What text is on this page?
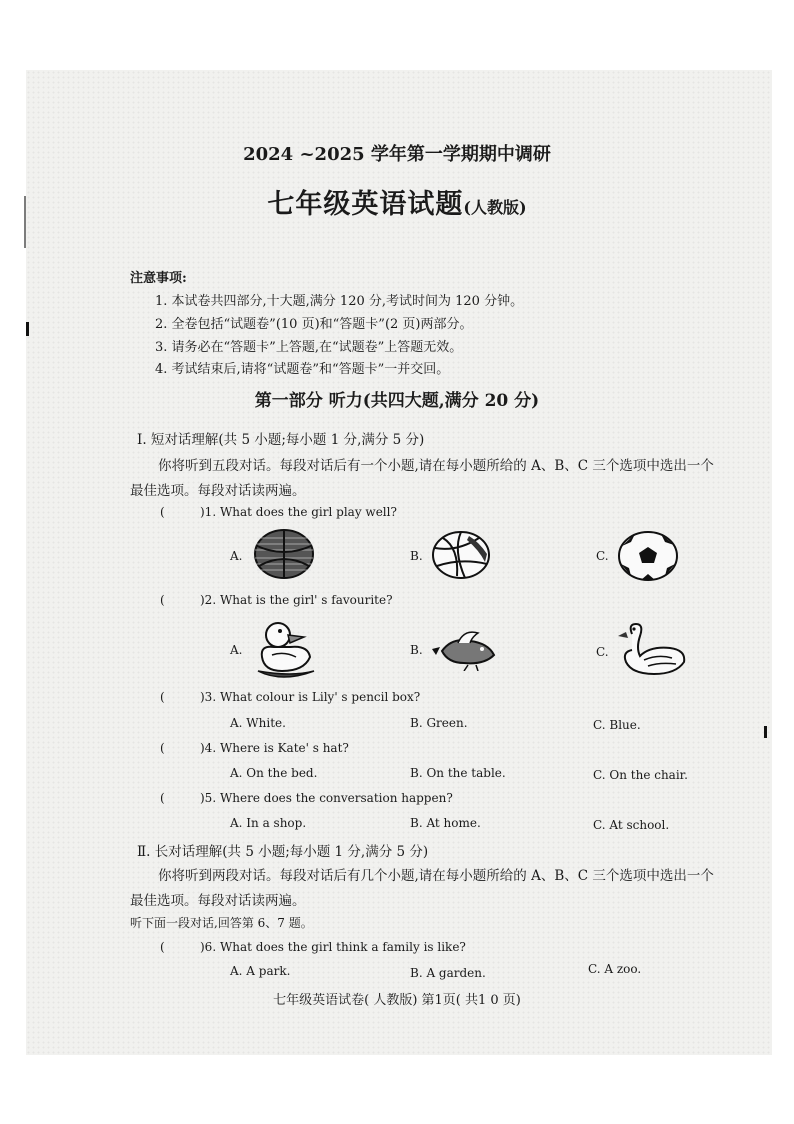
2024 ~2025 学年第一学期期中调研
七年级英语试题(人教版)
注意事项:
1. 本试卷共四部分,十大题,满分 120 分,考试时间为 120 分钟。
2. 全卷包括“试题卷”(10 页)和“答题卡”(2 页)两部分。
3. 请务必在“答题卡”上答题,在“试题卷”上答题无效。
4. 考试结束后,请将“试题卷”和“答题卡”一并交回。
第一部分 听力(共四大题,满分 20 分)
Ⅰ. 短对话理解(共 5 小题;每小题 1 分,满分 5 分)
你将听到五段对话。每段对话后有一个小题,请在每小题所给的 A、B、C 三个选项中选出一个
最佳选项。每段对话读两遍。
(	)1. What does the girl play well?
A.	B.	C.
(	)2. What is the girl' s favourite?
A.	B.	C.
(	)3. What colour is Lily' s pencil box?
A. White.	B. Green.	C. Blue.
(	)4. Where is Kate' s hat?
A. On the bed.	B. On the table.	C. On the chair.
(	)5. Where does the conversation happen?
A. In a shop.	B. At home.	C. At school.
Ⅱ. 长对话理解(共 5 小题;每小题 1 分,满分 5 分)
你将听到两段对话。每段对话后有几个小题,请在每小题所给的 A、B、C 三个选项中选出一个
最佳选项。每段对话读两遍。
听下面一段对话,回答第 6、7 题。
(	)6. What does the girl think a family is like?
A. A park.	B. A garden.	C. A zoo.
七年级英语试卷( 人教版) 第1页( 共1 0 页)
